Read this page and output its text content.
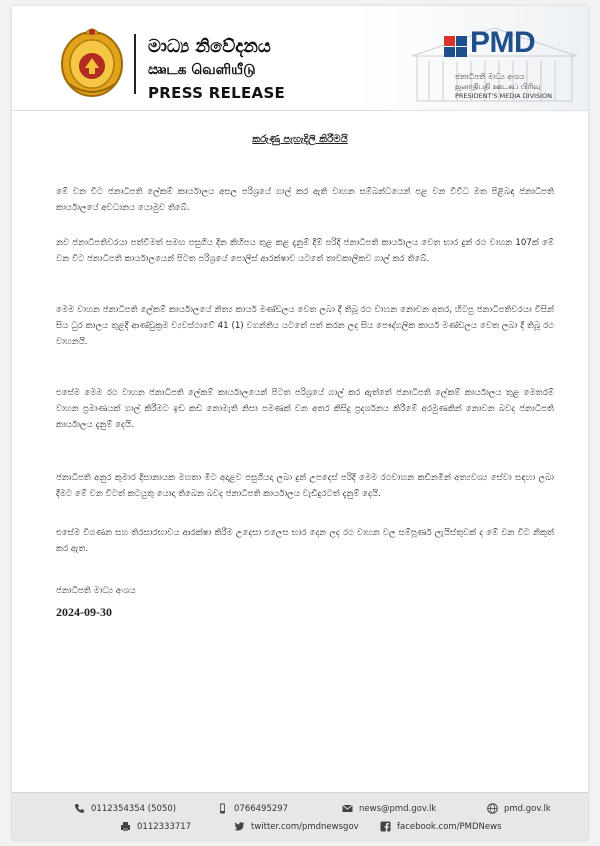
මාධ්‍ය නිවේදනය
ඎடக வெளியீடு
PRESS RELEASE
PMD
ජනාධිපති මාධ්‍ය අංශය
ஜனாதிபதி ஊடகப் பிரிவு
PRESIDENT'S MEDIA DIVISION
කරුණු පැහැදිලි කිරීමයි
මේ වන විට ජනාධිපති ලේකම් කාර්යාලය අසල පරිශ්‍රයේ ගාල් කර ඇති වාහන සම්බන්ධයෙන් පළ වන විවිධ මත පිළිබඳ ජනාධිපති කාර්යාලයේ අවධානය යොමුව තිබේ.
නව ජනාධිපතිවරයා පත්වීමත් සමඟ පසුගිය දින කිහිපය තුළ කළ දැනුම් දීම් පරිදි ජනාධිපති කාර්යාලය වෙත භාර දුන් රථ වාහන 107ක් මේ වන විට ජනාධිපති කාර්යාලයෙන් පිටත පරිශ්‍රයේ පොලිස් ආරක්ෂාව යටතේ තාවකාලිකව ගාල් කර තිබේ.
මෙම වාහන ජනාධිපති ලේකම් කාර්යාලයේ නිත්‍ය කාර්ය මණ්ඩලය වෙත ලබා දී තිබූ රථ වාහන නොවන අතර, හිටපු ජනාධිපතිවරයා විසින් සිය ධුර කාලය තුළදී ආණ්ඩුක්‍රම ව්‍යවස්ථාවේ 41 (1) වගන්තිය යටතේ පත් කරන ලද සිය පෞද්ගලික කාර්ය මණ්ඩලය වෙත ලබා දී තිබූ රථ වාහනයි.
එසේම මෙම රථ වාහන ජනාධිපති ලේකම් කාර්යාලයෙන් පිටත පරිශ්‍රයේ ගාල් කර ඇත්තේ ජනාධිපති ලේකම් කාර්යාලය තුළ මෙතරම් වාහන ප්‍රමාණයක් ගාල් කිරීමට ඉඩ කඩ නොමැති නිසා පමණක් වන අතර කිසිදු ප්‍රදර්ශනය කිරීමේ අරමුණකින් නොවන බවද ජනාධිපති කාර්යාලය දැනුම් දෙයි.
ජනාධිපති අනුර කුමාර දිසානායක මහතා මීට අදාළව පසුගියදා ලබා දුන් උපදෙස් පරිදි මෙම රථවාහන කඩිනමින් අත්‍යවශ්‍ය සේවා සඳහා ලබා දීමට මේ වන විටත් කටයුතු යොදා තිබෙන බවද ජනාධිපති කාර්යාලය වැඩිදුරටත් දැනුම් දෙයි.
එසේම විගණන සහ තිරසාරභාවය ආරක්ෂා කිරීම උදෙසා එලෙස භාර දෙන ලද රථ වාහන වල සම්පූර්ණ ලැයිස්තුවක් ද මේ වන විට නිකුත් කර ඇත.
ජනාධිපති මාධ්‍ය අංශය
2024-09-30
0112354354 (5050)	0766495297	news@pmd.gov.lk	pmd.gov.lk
0112333717	twitter.com/pmdnewsgov	facebook.com/PMDNews
